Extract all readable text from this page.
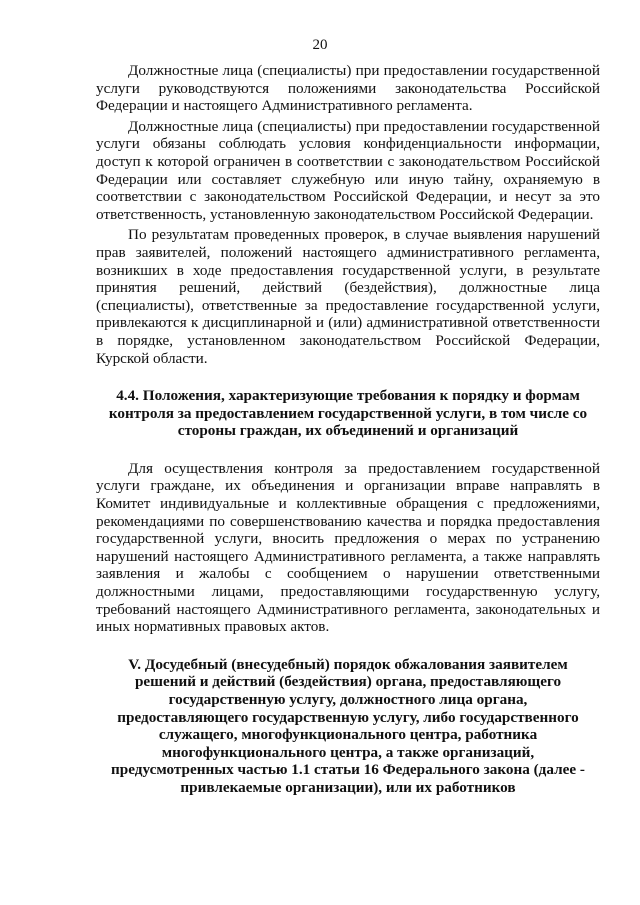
20

Должностные лица (специалисты) при предоставлении государственной услуги руководствуются положениями законодательства Российской Федерации и настоящего Административного регламента.

Должностные лица (специалисты) при предоставлении государственной услуги обязаны соблюдать условия конфиденциальности информации, доступ к которой ограничен в соответствии с законодательством Российской Федерации или составляет служебную или иную тайну, охраняемую в соответствии с законодательством Российской Федерации, и несут за это ответственность, установленную законодательством Российской Федерации.

По результатам проведенных проверок, в случае выявления нарушений прав заявителей, положений настоящего административного регламента, возникших в ходе предоставления государственной услуги, в результате принятия решений, действий (бездействия), должностные лица (специалисты), ответственные за предоставление государственной услуги, привлекаются к дисциплинарной и (или) административной ответственности в порядке, установленном законодательством Российской Федерации, Курской области.

4.4. Положения, характеризующие требования к порядку и формам контроля за предоставлением государственной услуги, в том числе со стороны граждан, их объединений и организаций

Для осуществления контроля за предоставлением государственной услуги граждане, их объединения и организации вправе направлять в Комитет индивидуальные и коллективные обращения с предложениями, рекомендациями по совершенствованию качества и порядка предоставления государственной услуги, вносить предложения о мерах по устранению нарушений настоящего Административного регламента, а также направлять заявления и жалобы с сообщением о нарушении ответственными должностными лицами, предоставляющими государственную услугу, требований настоящего Административного регламента, законодательных и иных нормативных правовых актов.

V. Досудебный (внесудебный) порядок обжалования заявителем решений и действий (бездействия) органа, предоставляющего государственную услугу, должностного лица органа, предоставляющего государственную услугу, либо государственного служащего, многофункционального центра, работника многофункционального центра, а также организаций, предусмотренных частью 1.1 статьи 16 Федерального закона (далее - привлекаемые организации), или их работников
